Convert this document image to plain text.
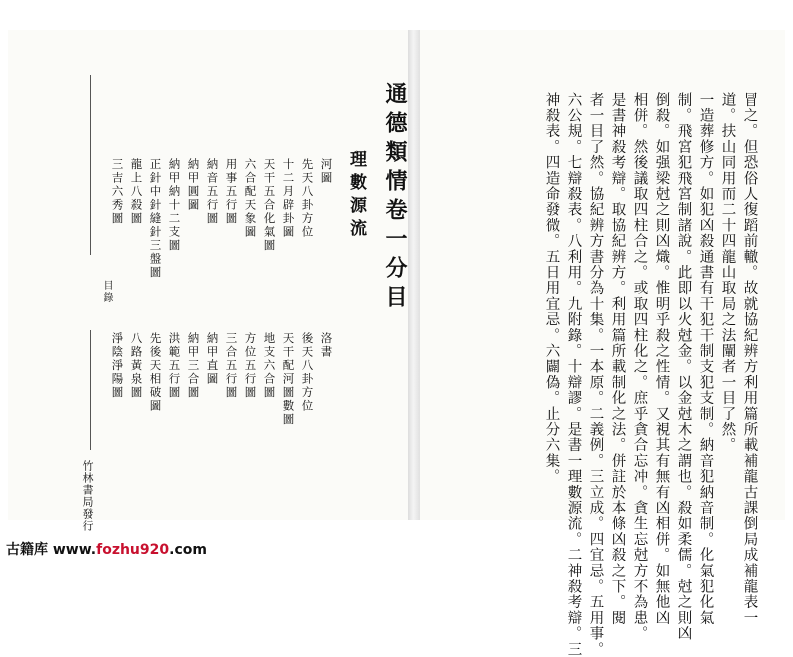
目錄	通德類情卷一分目
理數源流
河圖
洛書
先天八卦方位
後天八卦方位
十二月辟卦圖
天干配河圖數圖
天干五合化氣圖
地支六合圖
六合配天象圖
方位五行圖
用事五行圖
三合五行圖
納音五行圖
納甲直圖
納甲圓圖
納甲三合圖
納甲納十二支圖
洪範五行圖
正針中針縫針三盤圖
先後天相破圖
龍上八殺圖
八路黃泉圖
三吉六秀圖
淨陰淨陽圖
竹林書局發行	冒之。但恐俗人復蹈前轍。故就協紀辨方利用篇所載補龍古課倒局成補龍表一
道。扶山同用而二十四龍山取局之法闡者一目了然。
一造葬修方。如犯凶殺通書有干犯干制支犯支制。納音犯納音制。化氣犯化氣
制。飛宮犯飛宮制諸說。此即以火尅金。以金尅木之謂也。殺如柔儒。尅之則凶
倒殺。如强梁尅之則凶熾。惟明乎殺之性情。又視其有無有凶相併。如無他凶
相併。然後議取四柱合之。或取四柱化之。庶乎貪合忘冲。貪生忘尅方不為患。
是書神殺考辯。取協紀辨方。利用篇所載制化之法。併註於本條凶殺之下。閱
者一目了然。協紀辨方書分為十集。一本原。二義例。三立成。四宜忌。五用事。
六公規。七辯殺表。八利用。九附錄。十辯謬。是書一理數源流。二神殺考辯。三
神殺表。四造命發微。五日用宜忌。六闢偽。止分六集。
古籍库 www.fozhu920.com
